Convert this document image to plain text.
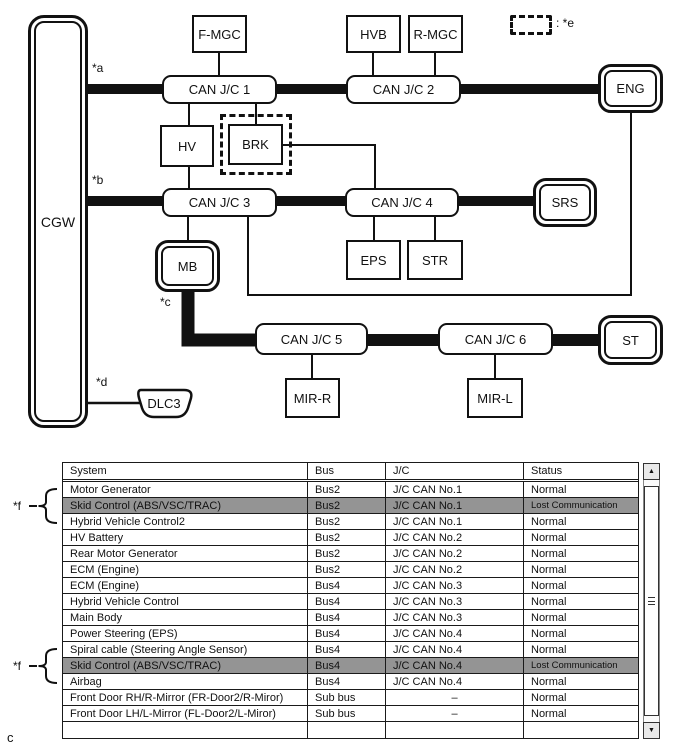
CGW
F-MGC	HVB	R-MGC
CAN J/C 1	CAN J/C 2	ENG
HV	BRK
CAN J/C 3	CAN J/C 4	SRS
EPS	STR
MB
CAN J/C 5	CAN J/C 6	ST
MIR-R	MIR-L
DLC3
*a
*b
*c
*d
: *e
*f
*f
c
System	Bus	J/C	Status
Motor Generator	Bus2	J/C CAN No.1	Normal
Skid Control (ABS/VSC/TRAC)	Bus2	J/C CAN No.1	Lost Communication
Hybrid Vehicle Control2	Bus2	J/C CAN No.1	Normal
HV Battery	Bus2	J/C CAN No.2	Normal
Rear Motor Generator	Bus2	J/C CAN No.2	Normal
ECM (Engine)	Bus2	J/C CAN No.2	Normal
ECM (Engine)	Bus4	J/C CAN No.3	Normal
Hybrid Vehicle Control	Bus4	J/C CAN No.3	Normal
Main Body	Bus4	J/C CAN No.3	Normal
Power Steering (EPS)	Bus4	J/C CAN No.4	Normal
Spiral cable (Steering Angle Sensor)	Bus4	J/C CAN No.4	Normal
Skid Control (ABS/VSC/TRAC)	Bus4	J/C CAN No.4	Lost Communication
Airbag	Bus4	J/C CAN No.4	Normal
Front Door RH/R-Mirror (FR-Door2/R-Miror)	Sub bus	–	Normal
Front Door LH/L-Mirror (FL-Door2/L-Miror)	Sub bus	–	Normal
▲
▼
